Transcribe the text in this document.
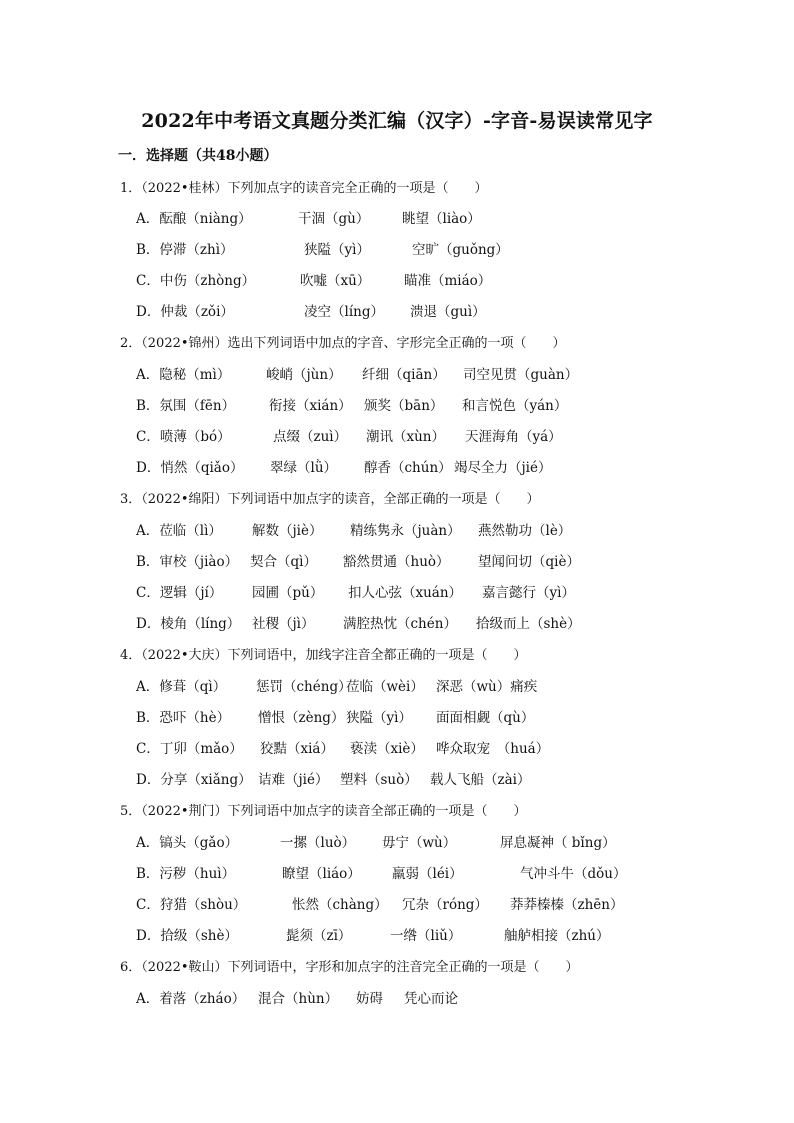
2022年中考语文真题分类汇编（汉字）-字音-易误读常见字
一．选择题（共48小题）
1．（2022•桂林）下列加点字的读音完全正确的一项是（　　）
A．酝酿（niàng）	干涸（gù） 眺望（liào）
B．停滞（zhì）	狭隘（yì）	空旷（guǒng）
C．中伤（zhòng）	吹嘘（xū） 瞄准（miáo）
D．仲裁（zǒi）	凌空（líng） 溃退（guì）
2．（2022•锦州）选出下列词语中加点的字音、字形完全正确的一项（　　）
A．隐秘（mì）	峻峭（jùn） 纤细（qiān） 司空见贯（guàn）
B．氛围（fēn）	衔接（xián） 颁奖（bān） 和言悦色（yán）
C．喷薄（bó）	点缀（zuì） 潮讯（xùn） 天涯海角（yá）
D．悄然（qiǎo） 翠绿（lǜ） 醇香（chún） 竭尽全力（jié）
3．（2022•绵阳）下列词语中加点字的读音，全部正确的一项是（　　）
A．莅临（lì） 解数（jiè） 精练隽永（juàn） 燕然勒功（lè）
B．审校（jiào） 契合（qì） 豁然贯通（huò） 望闻问切（qiè）
C．逻辑（jí） 园圃（pǔ） 扣人心弦（xuán） 嘉言懿行（yì）
D．棱角（líng） 社稷（jì） 满腔热忱（chén） 拾级而上（shè）
4．（2022•大庆）下列词语中，加线字注音全都正确的一项是（　　）
A．修葺（qì） 惩罚（chéng）
莅临（wèi） 深恶（wù）痛疾
B．恐吓（hè） 憎恨（zèng） 狭隘（yì） 面面相觑（qù）
C．丁卯（mǎo） 狡黠（xiá） 亵渎（xiè） 哗众取宠　（huá）
D．分享（xiǎng） 诘难（jié） 塑料（suò） 载人飞船（zài）
5．（2022•荆门）下列词语中加点字的读音全部正确的一项是（　　）
A．镐头（gǎo）	一摞（luò） 毋宁（wù）	屏息凝神（ bǐng）
B．污秽（huì）	瞭望（liáo） 羸弱（léi）	气冲斗牛（dǒu）
C．狩猎（shòu）	怅然（chàng） 冗杂（róng） 莽莽榛榛（zhēn）
D．拾级（shè）	髭须（zī）	一绺（liǔ）	舳舻相接（zhú）
6．（2022•鞍山）下列词语中，字形和加点字的注音完全正确的一项是（　　）
A．着落（zháo） 混合（hùn） 妨碍 凭心而论
